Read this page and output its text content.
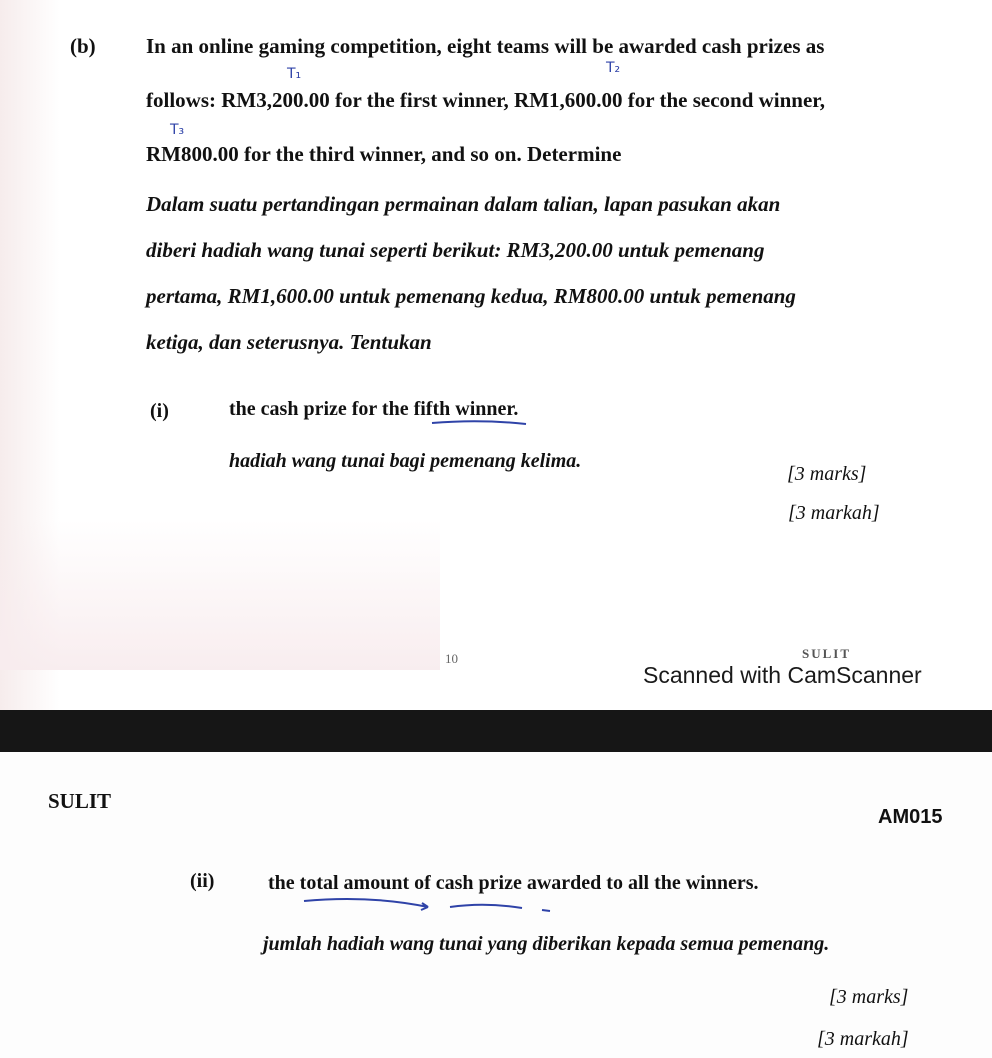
(b) In an online gaming competition, eight teams will be awarded cash prizes as
follows: RM3,200.00 for the first winner, RM1,600.00 for the second winner,
RM800.00 for the third winner, and so on. Determine
T₁	T₂
T₃
Dalam suatu pertandingan permainan dalam talian, lapan pasukan akan
diberi hadiah wang tunai seperti berikut: RM3,200.00 untuk pemenang
pertama, RM1,600.00 untuk pemenang kedua, RM800.00 untuk pemenang
ketiga, dan seterusnya. Tentukan
(i)	the cash prize for the fifth winner.
hadiah wang tunai bagi pemenang kelima.
[3 marks]
[3 markah]
10	SULIT
Scanned with CamScanner
SULIT
AM015
(ii)	the total amount of cash prize awarded to all the winners.
jumlah hadiah wang tunai yang diberikan kepada semua pemenang.
[3 marks]
[3 markah]
